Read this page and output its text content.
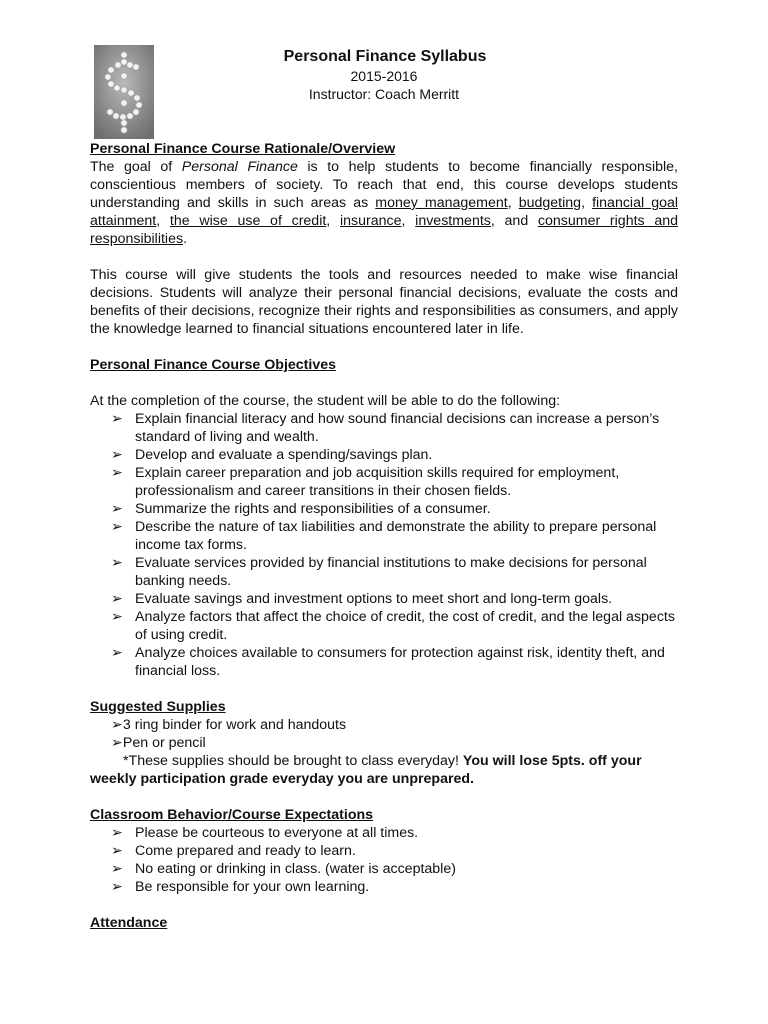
Personal Finance Syllabus
2015-2016
Instructor: Coach Merritt
Personal Finance Course Rationale/Overview

The goal of Personal Finance is to help students to become financially responsible, conscientious members of society. To reach that end, this course develops students understanding and skills in such areas as money management, budgeting, financial goal attainment, the wise use of credit, insurance, investments, and consumer rights and responsibilities.

This course will give students the tools and resources needed to make wise financial decisions. Students will analyze their personal financial decisions, evaluate the costs and benefits of their decisions, recognize their rights and responsibilities as consumers, and apply the knowledge learned to financial situations encountered later in life.

Personal Finance Course Objectives

At the completion of the course, the student will be able to do the following:

➢ Explain financial literacy and how sound financial decisions can increase a person’s standard of living and wealth.
➢ Develop and evaluate a spending/savings plan.
➢ Explain career preparation and job acquisition skills required for employment, professionalism and career transitions in their chosen fields.
➢ Summarize the rights and responsibilities of a consumer.
➢ Describe the nature of tax liabilities and demonstrate the ability to prepare personal income tax forms.
➢ Evaluate services provided by financial institutions to make decisions for personal banking needs.
➢ Evaluate savings and investment options to meet short and long-term goals.
➢ Analyze factors that affect the choice of credit, the cost of credit, and the legal aspects of using credit.
➢ Analyze choices available to consumers for protection against risk, identity theft, and financial loss.
Suggested Supplies
➢3 ring binder for work and handouts
➢Pen or pencil

*These supplies should be brought to class everyday! You will lose 5pts. off your weekly participation grade everyday you are unprepared.

Classroom Behavior/Course Expectations
➢ Please be courteous to everyone at all times.
➢ Come prepared and ready to learn.
➢ No eating or drinking in class. (water is acceptable)
➢ Be responsible for your own learning.
Attendance
